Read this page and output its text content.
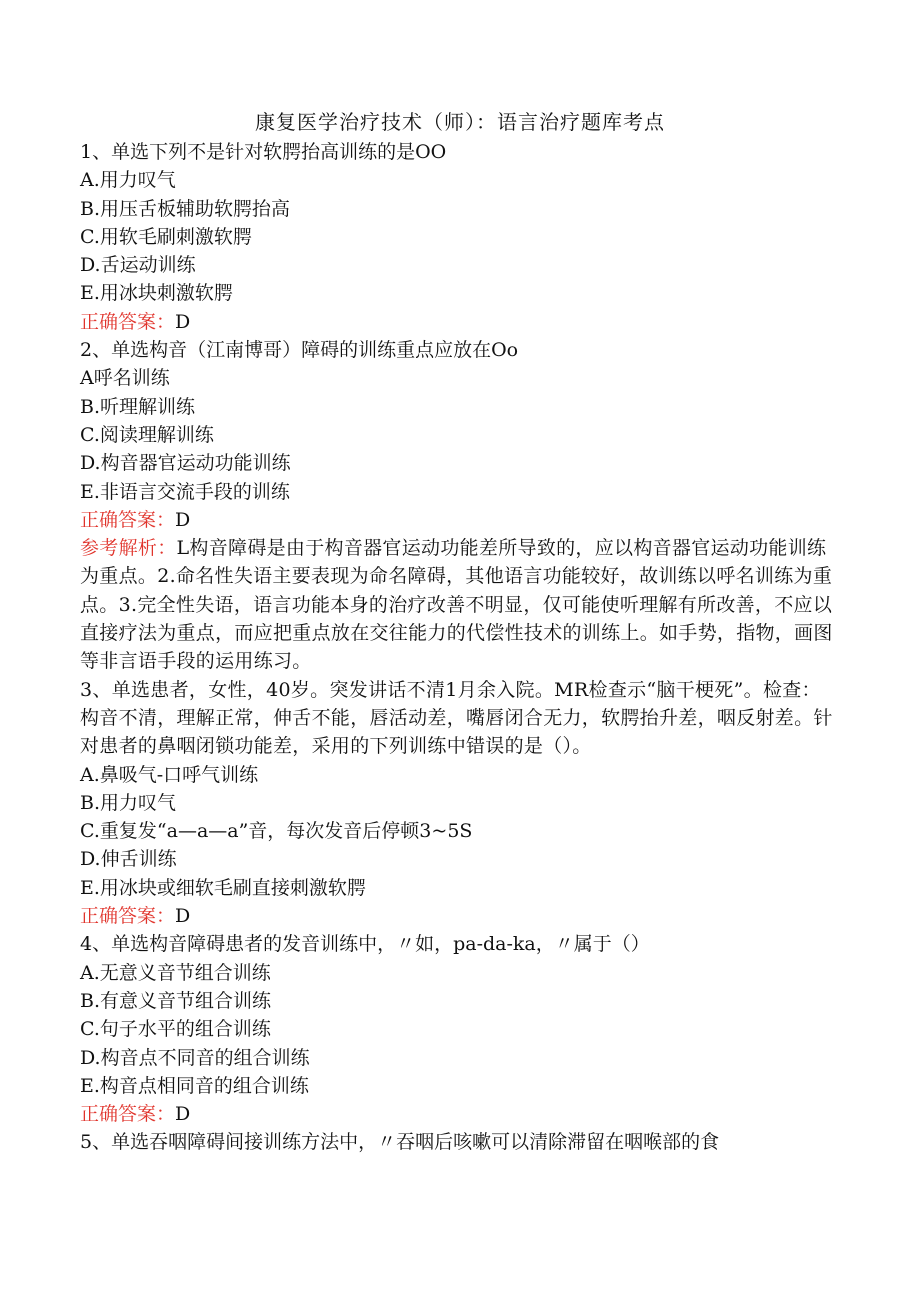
康复医学治疗技术（师）：语言治疗题库考点
1、单选下列不是针对软腭抬高训练的是OO
A.用力叹气
B.用压舌板辅助软腭抬高
C.用软毛刷刺激软腭
D.舌运动训练
E.用冰块刺激软腭
正确答案：D
2、单选构音（江南博哥）障碍的训练重点应放在Oo
A呼名训练
B.听理解训练
C.阅读理解训练
D.构音器官运动功能训练
E.非语言交流手段的训练
正确答案：D
参考解析：L构音障碍是由于构音器官运动功能差所导致的，应以构音器官运动功能训练为重点。2.命名性失语主要表现为命名障碍，其他语言功能较好，故训练以呼名训练为重点。3.完全性失语，语言功能本身的治疗改善不明显，仅可能使听理解有所改善，不应以直接疗法为重点，而应把重点放在交往能力的代偿性技术的训练上。如手势，指物，画图等非言语手段的运用练习。
3、单选患者，女性，40岁。突发讲话不清1月余入院。MR检查示“脑干梗死”。检查：构音不清，理解正常，伸舌不能，唇活动差，嘴唇闭合无力，软腭抬升差，咽反射差。针对患者的鼻咽闭锁功能差，采用的下列训练中错误的是（）。
A.鼻吸气-口呼气训练
B.用力叹气
C.重复发“a—a—a”音，每次发音后停顿3~5S
D.伸舌训练
E.用冰块或细软毛刷直接刺激软腭
正确答案：D
4、单选构音障碍患者的发音训练中，〃如，pa-da-ka，〃属于（）
A.无意义音节组合训练
B.有意义音节组合训练
C.句子水平的组合训练
D.构音点不同音的组合训练
E.构音点相同音的组合训练
正确答案：D
5、单选吞咽障碍间接训练方法中，〃吞咽后咳嗽可以清除滞留在咽喉部的食
